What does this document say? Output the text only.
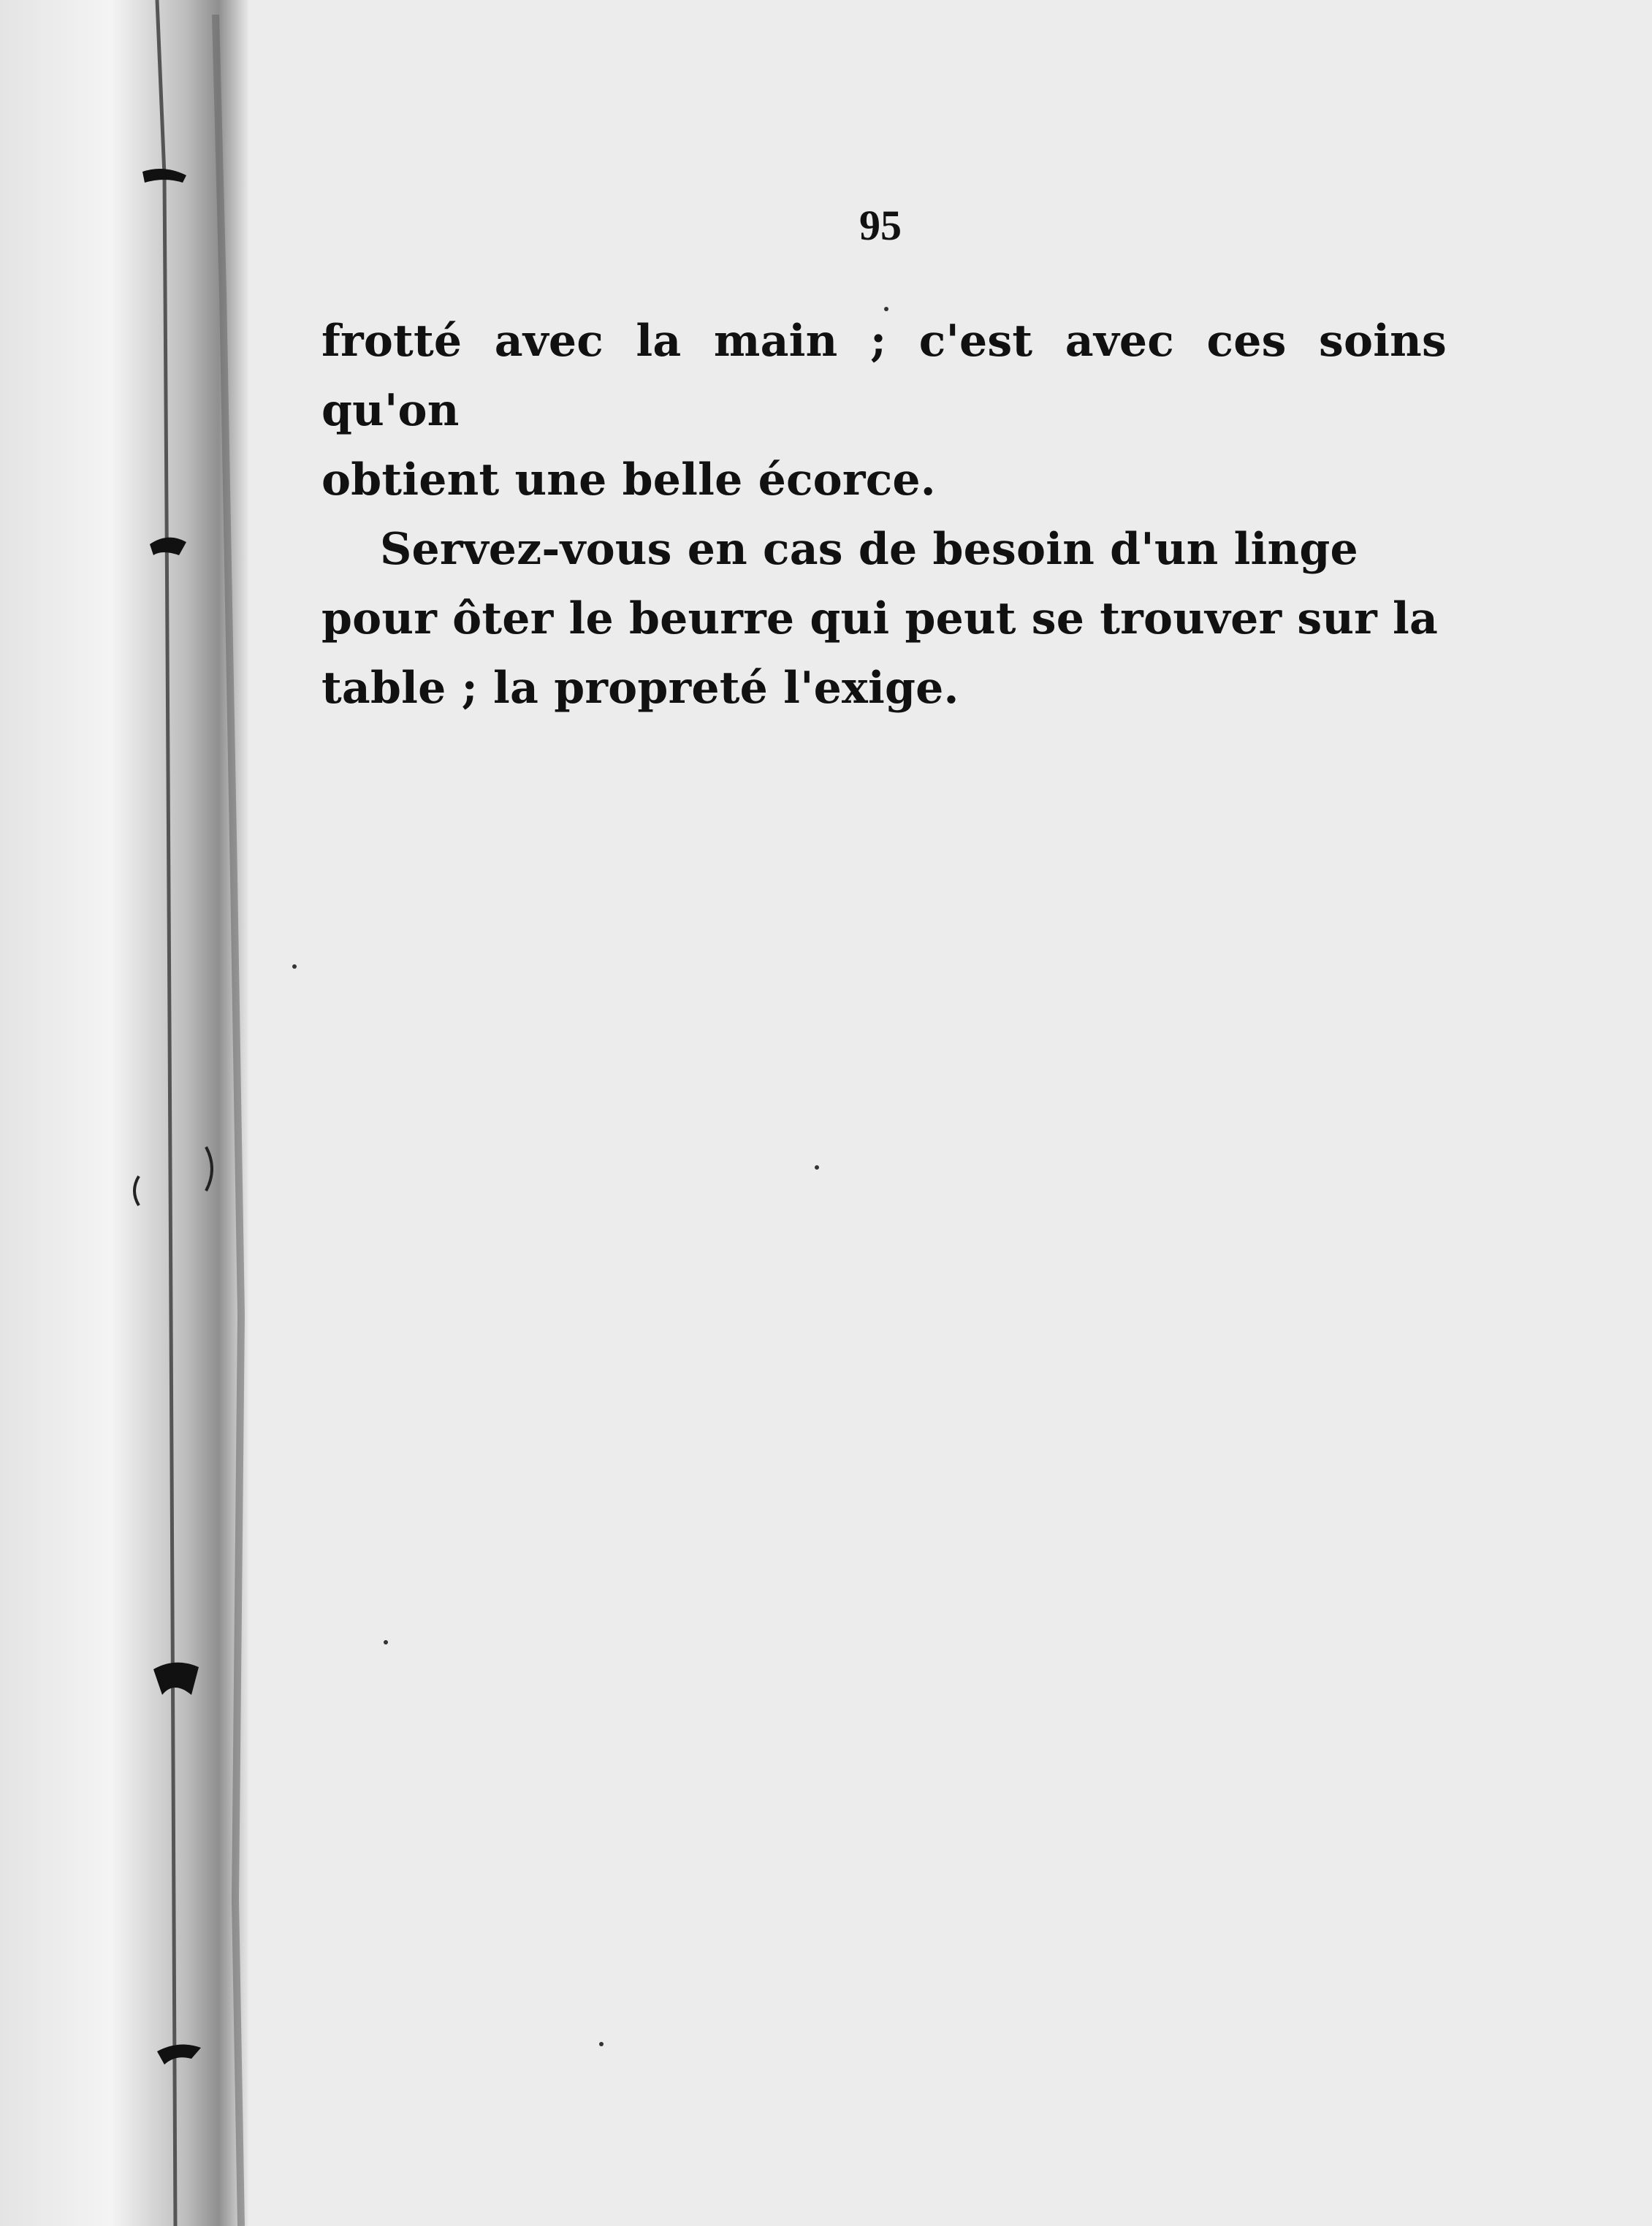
95

frotté avec la main ; c'est avec ces soins qu'on
obtient une belle écorce.

Servez-vous en cas de besoin d'un linge
pour ôter le beurre qui peut se trouver sur la
table ; la propreté l'exige.
